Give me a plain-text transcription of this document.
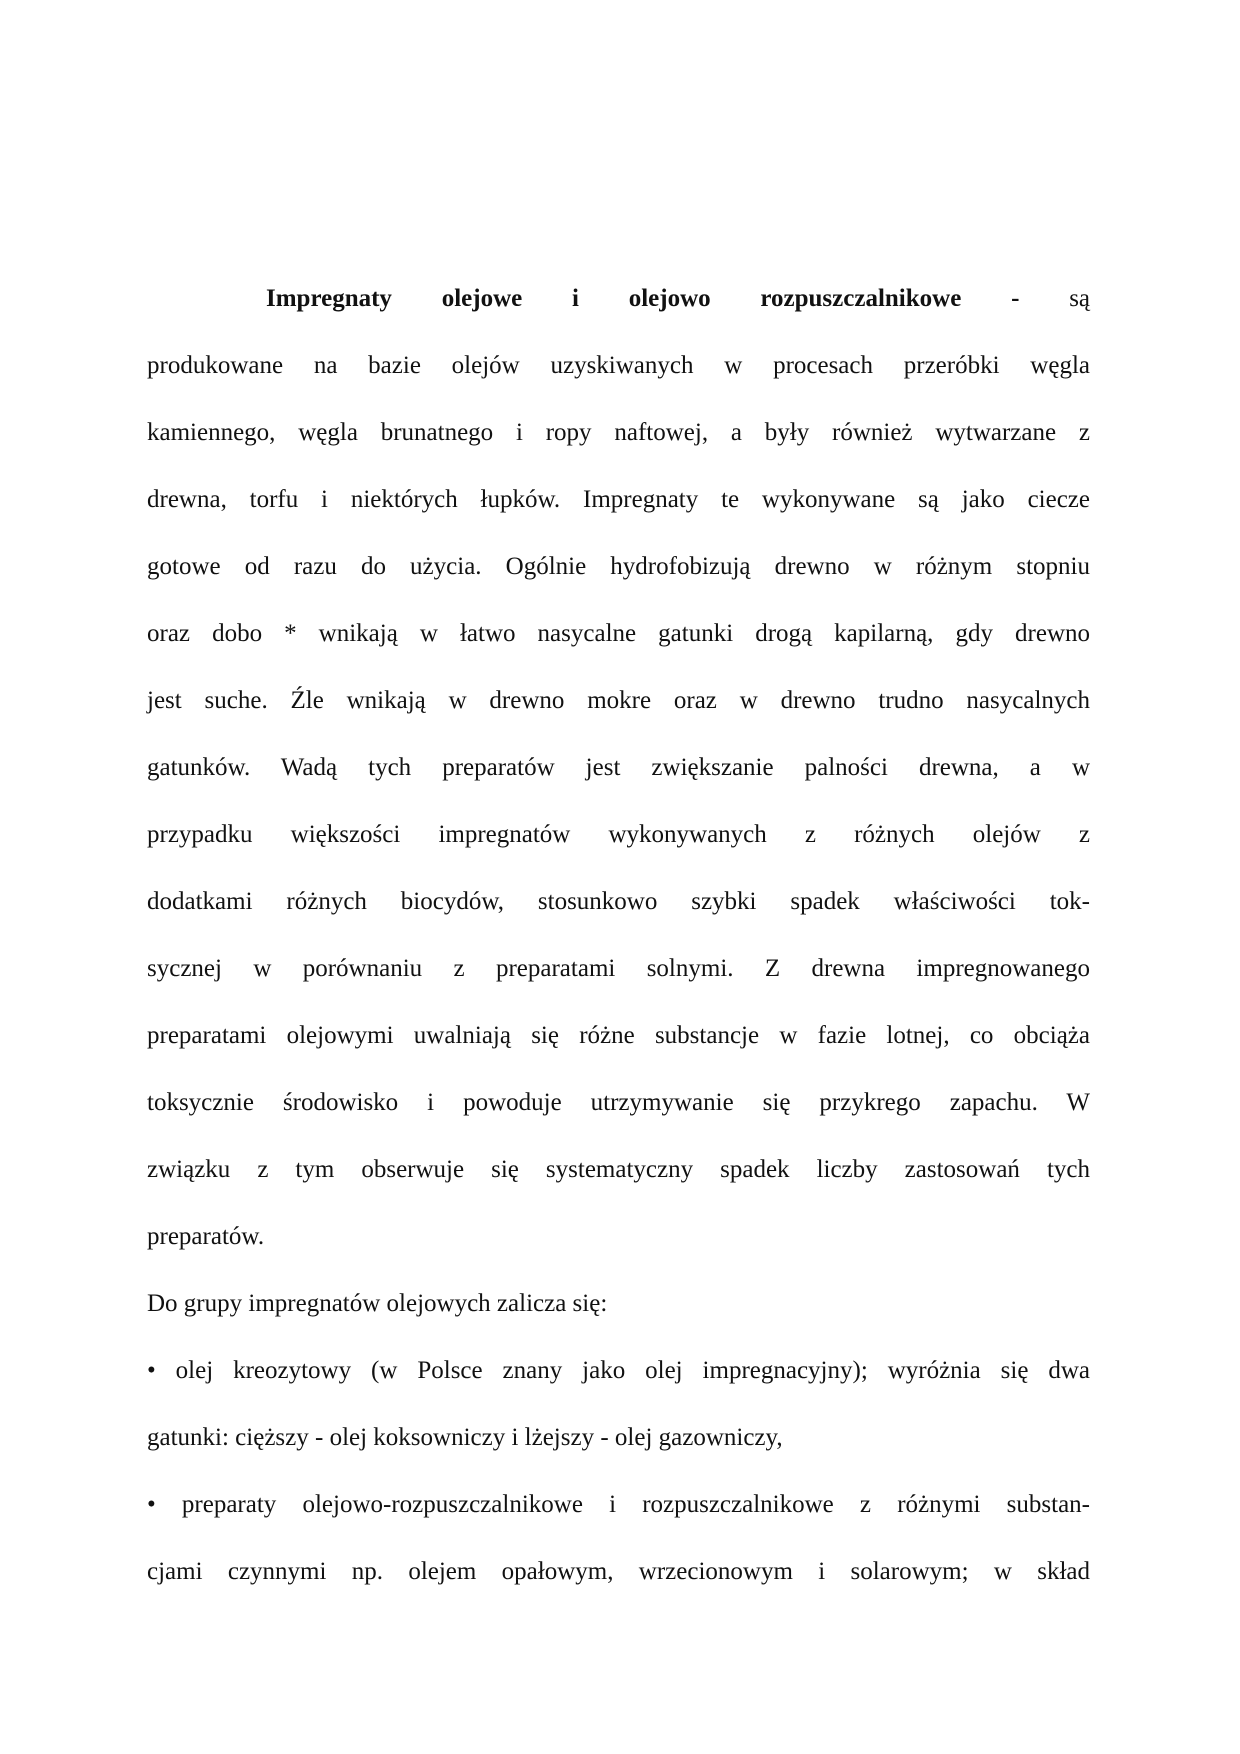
Impregnaty olejowe i olejowo rozpuszczalnikowe - są
produkowane na bazie olejów uzyskiwanych w procesach przeróbki węgla
kamiennego, węgla brunatnego i ropy naftowej, a były również wytwarzane z
drewna, torfu i niektórych łupków. Impregnaty te wykonywane są jako ciecze
gotowe od razu do użycia. Ogólnie hydrofobizują drewno w różnym stopniu
oraz dobo * wnikają w łatwo nasycalne gatunki drogą kapilarną, gdy drewno
jest suche. Źle wnikają w drewno mokre oraz w drewno trudno nasycalnych
gatunków. Wadą tych preparatów jest zwiększanie palności drewna, a w
przypadku większości impregnatów wykonywanych z różnych olejów z
dodatkami różnych biocydów, stosunkowo szybki spadek właściwości tok-
sycznej w porównaniu z preparatami solnymi. Z drewna impregnowanego
preparatami olejowymi uwalniają się różne substancje w fazie lotnej, co obciąża
toksycznie środowisko i powoduje utrzymywanie się przykrego zapachu. W
związku z tym obserwuje się systematyczny spadek liczby zastosowań tych
preparatów.
Do grupy impregnatów olejowych zalicza się:
• olej kreozytowy (w Polsce znany jako olej impregnacyjny); wyróżnia się dwa
gatunki: cięższy - olej koksowniczy i lżejszy - olej gazowniczy,
• preparaty olejowo-rozpuszczalnikowe i rozpuszczalnikowe z różnymi substan-
cjami czynnymi np. olejem opałowym, wrzecionowym i solarowym; w skład
